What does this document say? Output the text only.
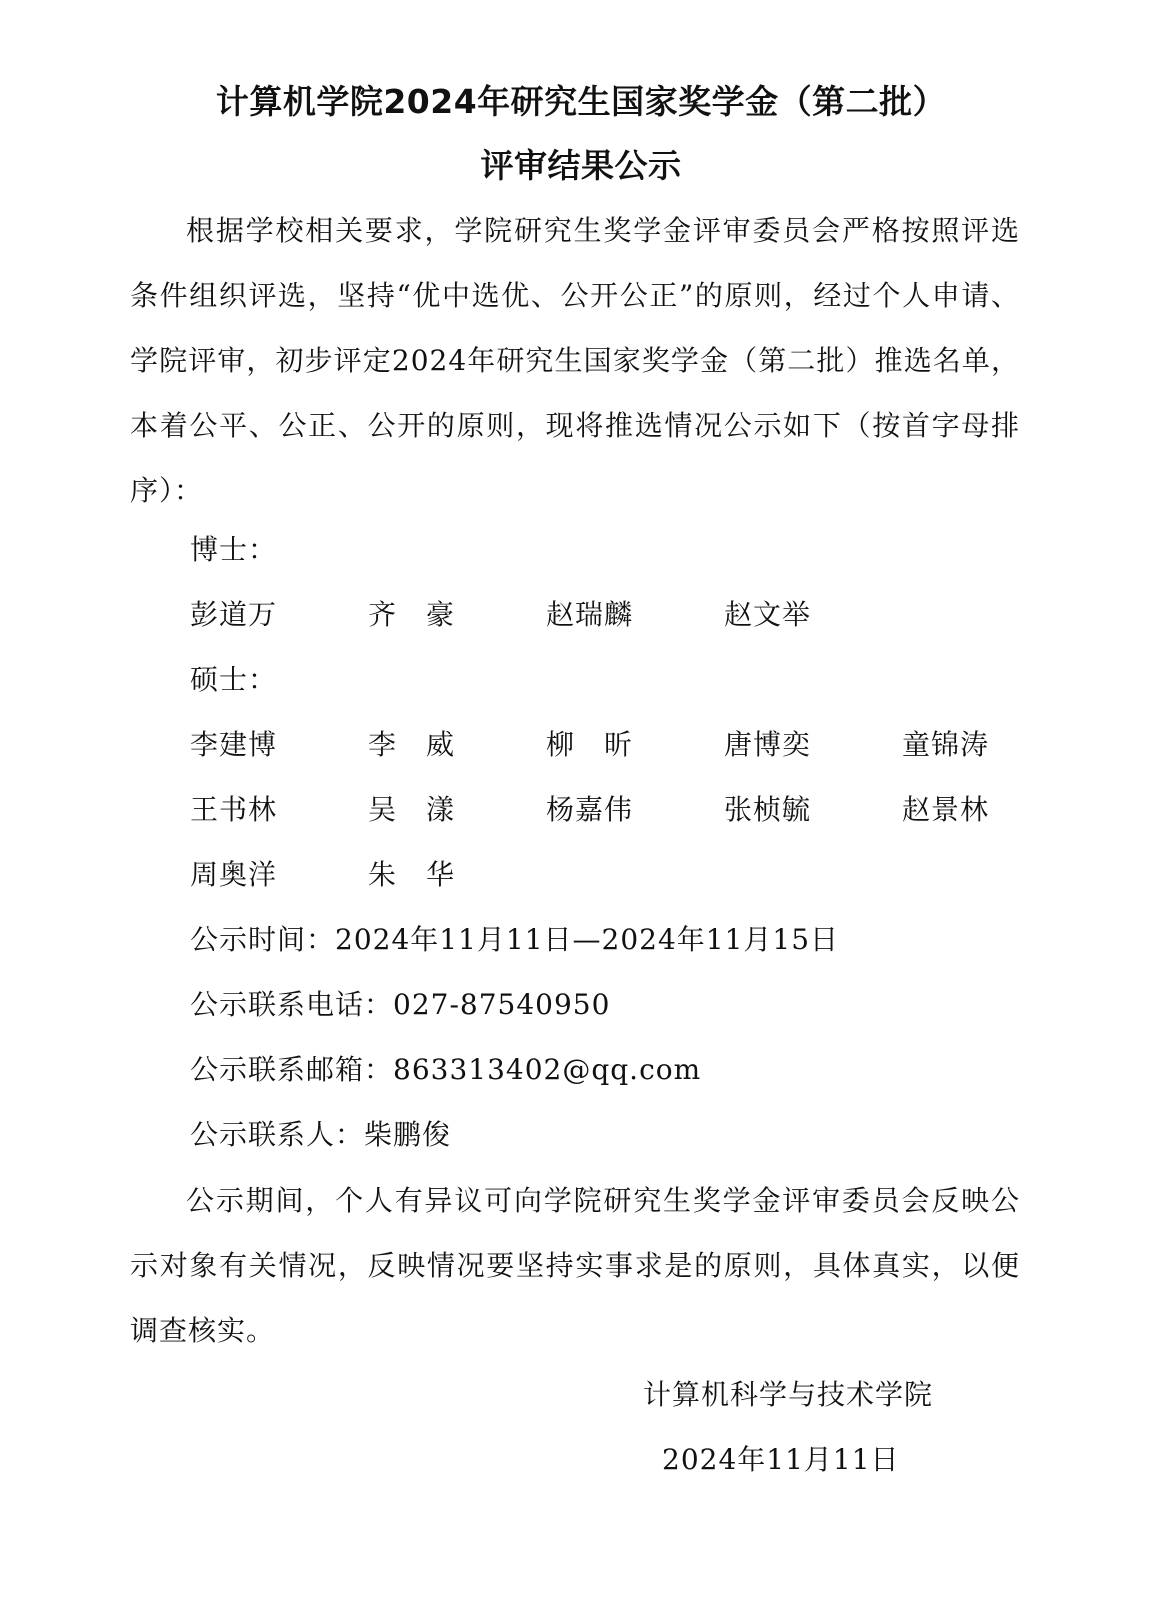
计算机学院2024年研究生国家奖学金（第二批）
评审结果公示
根据学校相关要求，学院研究生奖学金评审委员会严格按照评选条件组织评选，坚持“优中选优、公开公正”的原则，经过个人申请、学院评审，初步评定2024年研究生国家奖学金（第二批）推选名单，本着公平、公正、公开的原则，现将推选情况公示如下（按首字母排序）：
博士：
彭道万	齐　豪	赵瑞麟	赵文举
硕士：
李建博	李　威	柳　昕	唐博奕	童锦涛
王书林	吴　漾	杨嘉伟	张桢毓	赵景林
周奥洋	朱　华
公示时间：2024年11月11日—2024年11月15日
公示联系电话：027-87540950
公示联系邮箱：863313402@qq.com
公示联系人：柴鹏俊
公示期间，个人有异议可向学院研究生奖学金评审委员会反映公示对象有关情况，反映情况要坚持实事求是的原则，具体真实，以便调查核实。
计算机科学与技术学院
2024年11月11日
